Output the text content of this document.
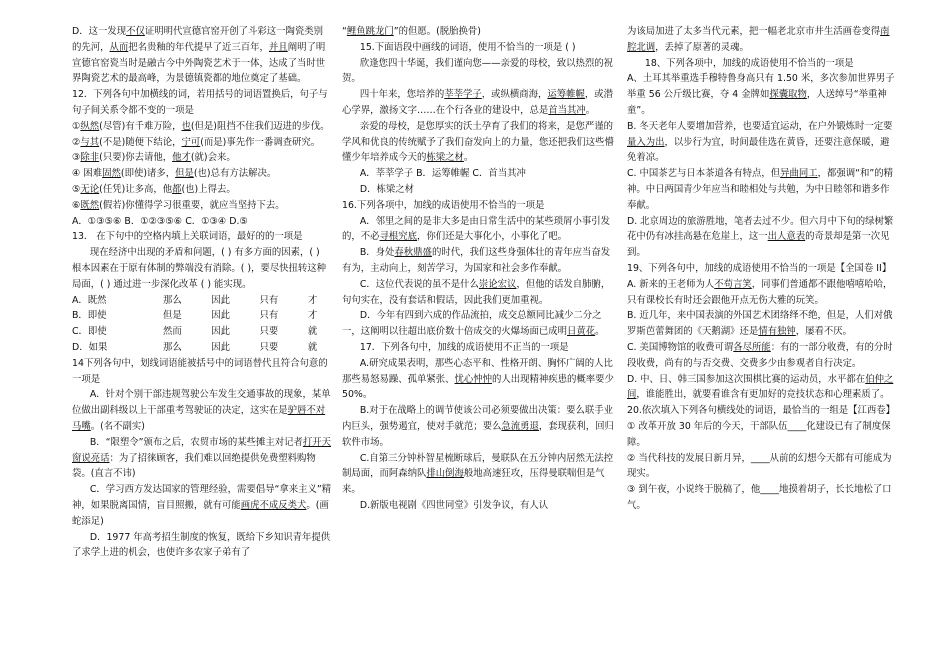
D．这一发现不仅证明明代宣德官窑开创了斗彩这一陶瓷类别的先河，从而把名贵釉的年代提早了近三百年，并且阐明了明宣德官窑瓷当时是融古今中外陶瓷艺术于一体，达成了当时世界陶瓷艺术的最高峰，为景德镇瓷都的地位奠定了基础。

12．下列各句中加横线的词，若用括号的词语置换后，句子与句子间关系令都不变的一项是

①纵然(尽管)有千难万险，也(但是)阻挡不住我们迈进的步伐。

②与其(不是)随便下结论，宁可(而是)事先作一番调查研究。

③除非(只要)你去请他，他才(就)会来。

④ 困难固然(即使)诸多，但是(也)总有方法解决。

⑤无论(任凭)让多高，他都(也)上得去。

⑥既然(假若)你懂得学习很重要，就应当坚持下去。

A．①③⑤⑥ B．①②③⑤⑥ C．①③④ D.⑤

13． 在下句中的空格内填上关联词语，最好的的一项是

现在经济中出现的矛盾和问题，( ) 有多方面的因素，( ) 根本因素在于原有体制的弊端没有消除。( )，要尽快扭转这种局面，( ) 通过进一步深化改革 ( ) 能实现。

A．既然	那么	因此	只有	才
B．即使	但是	因此	只有	才
C．即使	然而	因此	只要	就
D．如果	那么	因此	只要	就

14下列各句中，划线词语能被括号中的词语替代且符合句意的一项是

A．针对个别干部违规驾驶公车发生交通事故的现象，某单位做出副科级以上干部重考驾驶证的决定，这实在是驴唇不对马嘴。(名不副实)

B．“限塑令”颁布之后，农贸市场的某些摊主对记者打开天窗说亮话：为了招徕顾客，我们难以回绝提供免费塑料购物袋。(直言不讳)

C．学习西方发达国家的管理经验，需要倡导“拿来主义”精神，如果脱离国情，盲目照搬，就有可能画虎不成反类犬。(画蛇添足)

D．1977 年高考招生制度的恢复，既给下乡知识青年提供了求学上进的机会，也使许多农家子弟有了

“鲤鱼跳龙门”的但愿。(脱胎换骨)

15.下面语段中画线的词语，使用不恰当的一项是 ( )

欣逢您四十华诞，我们谨向您——亲爱的母校，致以热烈的祝贺。

四十年来，您培养的莘莘学子，或纵横商海，运筹帷幄，或潜心学界，激扬文字……在个行各业的建设中，总是首当其冲。

亲爱的母校，是您厚实的沃土孕育了我们的将来，是您严谨的学风和优良的传统赋予了我们奋发向上的力量，您还把我们这些懵懂少年培养成今天的栋梁之材。

A．莘莘学子 B．运筹帷幄 C．首当其冲

D．栋梁之材

16.下列各项中，加线的成语使用不恰当的一项是

A．邻里之间的是非大多是由日常生活中的某些琐屑小事引发的，不必寻根究底，你们还是大事化小，小事化了吧。

B．身处春秋鼎盛的时代，我们这些身强体壮的青年应当奋发有为，主动向上，刻苦学习，为国家和社会多作奉献。

C．这位代表说的虽不是什么崇论宏议，但他的话发自肺腑，句句实在，没有套话和假话，因此我们更加重视。

D．今年有四到六成的作品流拍，成交总额同比减少二分之一，这阐明以往超出底价数十倍成交的火爆场面已成明日黄花。

17．下列各句中，加线的成语使用不正当的一项是

A.研究成果表明，那些心态平和、性格开朗、胸怀广阔的人比那些易怒易躁、孤单紧张、忧心忡忡的人出现精神疾患的概率要少50%。

B.对于在战略上的调节使该公司必须要做出决策：要么联手业内巨头，强势遏宜，使对手就范；要么急流勇退，套现获利，回归软件市场。

C.自第三分钟朴智星梳断球后，曼联队在五分钟内居然无法控制局面，而阿森纳队排山倒海般地高速狂攻，压得曼联喘但是气来。

D.新版电视剧《四世同堂》引发争议，有人认

为该局加进了太多当代元素，把一幅老北京市井生活画卷变得南腔北调，丢掉了原著的灵魂。

18、下列各项中，加线的成语使用不恰当的一项是

A、土耳其举重选手穆特鲁身高只有 1.50 米，多次参加世界男子举重 56 公斤级比赛，夺 4 金牌如探囊取物，人送绰号“举重神童”。

B. 冬天老年人要增加营养，也要适宜运动，在户外锻炼时一定要量入为出，以步行为宜，时间最佳选在黄昏，还要注意保暖，避免着凉。

C. 中国茶艺与日本茶道各有特点，但异曲同工，都强调“和”的精神。中日两国青少年应当和睦相处与共勉，为中日睦邻和谐多作奉献。

D. 北京周边的旅游胜地，笔者去过不少。但六月中下旬的绿树繁花中仍有冰挂高悬在危崖上，这一出人意表的奇景却是第一次见到。

19、下列各句中，加线的成语使用不恰当的一项是【全国卷 II】

A. 新来的王老师为人不苟言笑，同事们普通都不跟他嘻嘻哈哈，只有课校长有时还会跟他开点无伤大雅的玩笑。

B. 近几年，来中国表演的外国艺术团络绎不绝，但是，人们对俄罗斯芭蕾舞团的《天鹅湖》还是情有独钟，屡看不厌。

C. 美国博物馆的收费可谓各尽所能：有的一部分收费，有的分时段收费，尚有的与否交费、交费多少由参观者自行决定。

D. 中、日、韩三国参加这次围棋比赛的运动员，水平都在伯仲之间，谁能胜出，就要看谁含有更加好的竞技状态和心理素质了。

20.依次填入下列各句横线处的词语，最恰当的一组是【江西卷】

① 改革开放 30 年后的今天，干部队伍____化建设已有了制度保障。

② 当代科技的发展日新月异，____从前的幻想今天都有可能成为现实。

③ 到午夜，小说终于脱稿了，他____地摸着胡子，长长地松了口气。
